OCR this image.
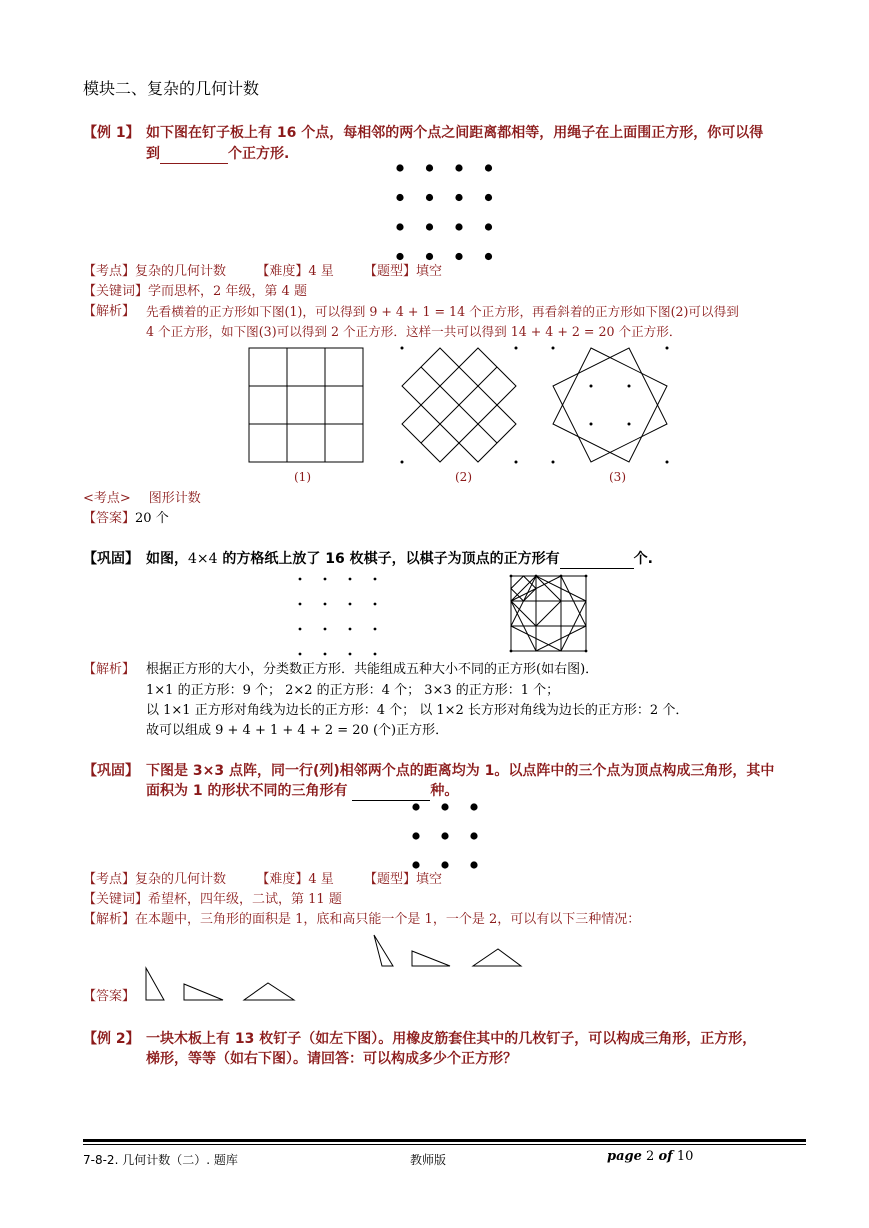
模块二、复杂的几何计数
【例 1】 如下图在钉子板上有 16 个点，每相邻的两个点之间距离都相等，用绳子在上面围正方形，你可以得
到	个正方形.
【考点】复杂的几何计数 【难度】4 星 【题型】填空
【关键词】学而思杯，2 年级，第 4 题
【解析】 先看横着的正方形如下图(1)，可以得到 9 + 4 + 1 = 14 个正方形，再看斜着的正方形如下图(2)可以得到
4 个正方形，如下图(3)可以得到 2 个正方形．这样一共可以得到 14 + 4 + 2 = 20 个正方形．
(1)	(2)	(3)
<考点> 图形计数
【答案】20 个
【巩固】 如图，4×4 的方格纸上放了 16 枚棋子，以棋子为顶点的正方形有	个.
【解析】 根据正方形的大小，分类数正方形．共能组成五种大小不同的正方形(如右图)．
1×1 的正方形：9 个； 2×2 的正方形：4 个； 3×3 的正方形：1 个；
以 1×1 正方形对角线为边长的正方形：4 个； 以 1×2 长方形对角线为边长的正方形：2 个．
故可以组成 9 + 4 + 1 + 4 + 2 = 20 (个)正方形．
【巩固】 下图是 3×3 点阵，同一行(列)相邻两个点的距离均为 1。以点阵中的三个点为顶点构成三角形，其中
面积为 1 的形状不同的三角形有	种。
【考点】复杂的几何计数 【难度】4 星 【题型】填空
【关键词】希望杯，四年级，二试，第 11 题
【解析】在本题中，三角形的面积是 1，底和高只能一个是 1，一个是 2，可以有以下三种情况：
【答案】
【例 2】 一块木板上有 13 枚钉子（如左下图）。用橡皮筋套住其中的几枚钉子，可以构成三角形，正方形，
梯形，等等（如右下图）。请回答：可以构成多少个正方形？
7-8-2. 几何计数（二）. 题库	教师版	page 2 of 10
